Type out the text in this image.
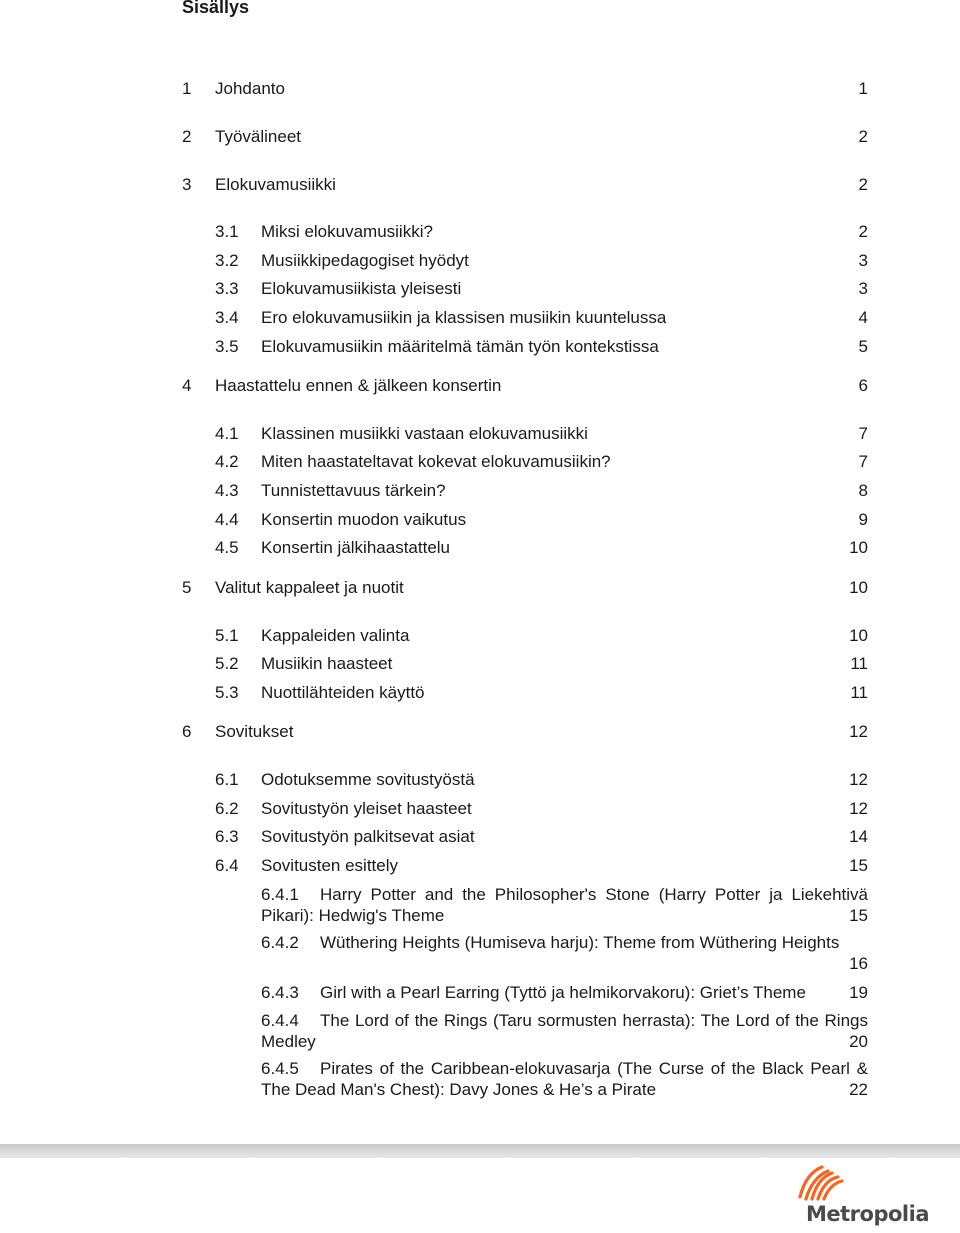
Sisällys
1 Johdanto	1
2 Työvälineet	2
3 Elokuvamusiikki	2
3.1 Miksi elokuvamusiikki?	2
3.2 Musiikkipedagogiset hyödyt	3
3.3 Elokuvamusiikista yleisesti	3
3.4 Ero elokuvamusiikin ja klassisen musiikin kuuntelussa	4
3.5 Elokuvamusiikin määritelmä tämän työn kontekstissa	5
4 Haastattelu ennen & jälkeen konsertin	6
4.1 Klassinen musiikki vastaan elokuvamusiikki	7
4.2 Miten haastateltavat kokevat elokuvamusiikin?	7
4.3 Tunnistettavuus tärkein?	8
4.4 Konsertin muodon vaikutus	9
4.5 Konsertin jälkihaastattelu	10
5 Valitut kappaleet ja nuotit	10
5.1 Kappaleiden valinta	10
5.2 Musiikin haasteet	11
5.3 Nuottilähteiden käyttö	11
6 Sovitukset	12
6.1 Odotuksemme sovitustyöstä	12
6.2 Sovitustyön yleiset haasteet	12
6.3 Sovitustyön palkitsevat asiat	14
6.4 Sovitusten esittely	15
6.4.1 Harry Potter and the Philosopher's Stone (Harry Potter ja Liekehtivä
Pikari): Hedwig's Theme	15
6.4.2 Wüthering Heights (Humiseva harju): Theme from Wüthering Heights
16
6.4.3 Girl with a Pearl Earring (Tyttö ja helmikorvakoru): Griet’s Theme	19
6.4.4 The Lord of the Rings (Taru sormusten herrasta): The Lord of the Rings
Medley	20
6.4.5 Pirates of the Caribbean-elokuvasarja (The Curse of the Black Pearl &
The Dead Man's Chest): Davy Jones & He’s a Pirate	22
Metropolia
